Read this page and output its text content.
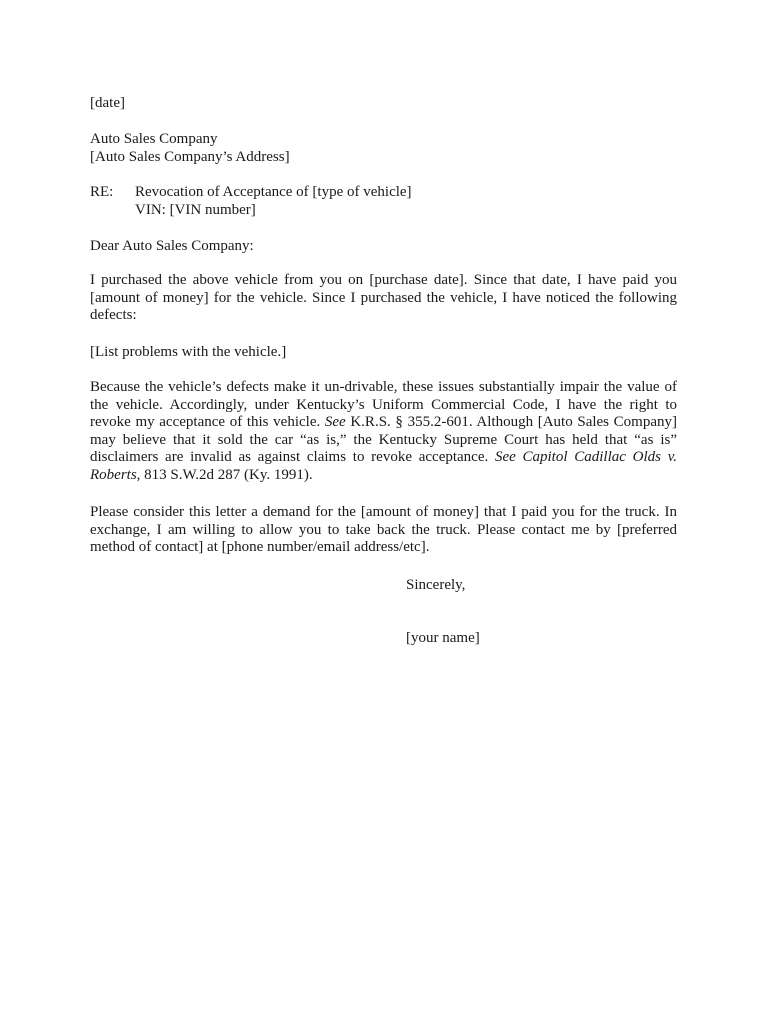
[date]
Auto Sales Company
[Auto Sales Company’s Address]
RE: Revocation of Acceptance of [type of vehicle]
VIN: [VIN number]
Dear Auto Sales Company:
I purchased the above vehicle from you on [purchase date]. Since that date, I have paid you [amount of money] for the vehicle. Since I purchased the vehicle, I have noticed the following defects:
[List problems with the vehicle.]
Because the vehicle’s defects make it un-drivable, these issues substantially impair the value of the vehicle. Accordingly, under Kentucky’s Uniform Commercial Code, I have the right to revoke my acceptance of this vehicle. See K.R.S. § 355.2-601. Although [Auto Sales Company] may believe that it sold the car “as is,” the Kentucky Supreme Court has held that “as is” disclaimers are invalid as against claims to revoke acceptance. See Capitol Cadillac Olds v. Roberts, 813 S.W.2d 287 (Ky. 1991).
Please consider this letter a demand for the [amount of money] that I paid you for the truck. In exchange, I am willing to allow you to take back the truck. Please contact me by [preferred method of contact] at [phone number/email address/etc].
Sincerely,
[your name]
